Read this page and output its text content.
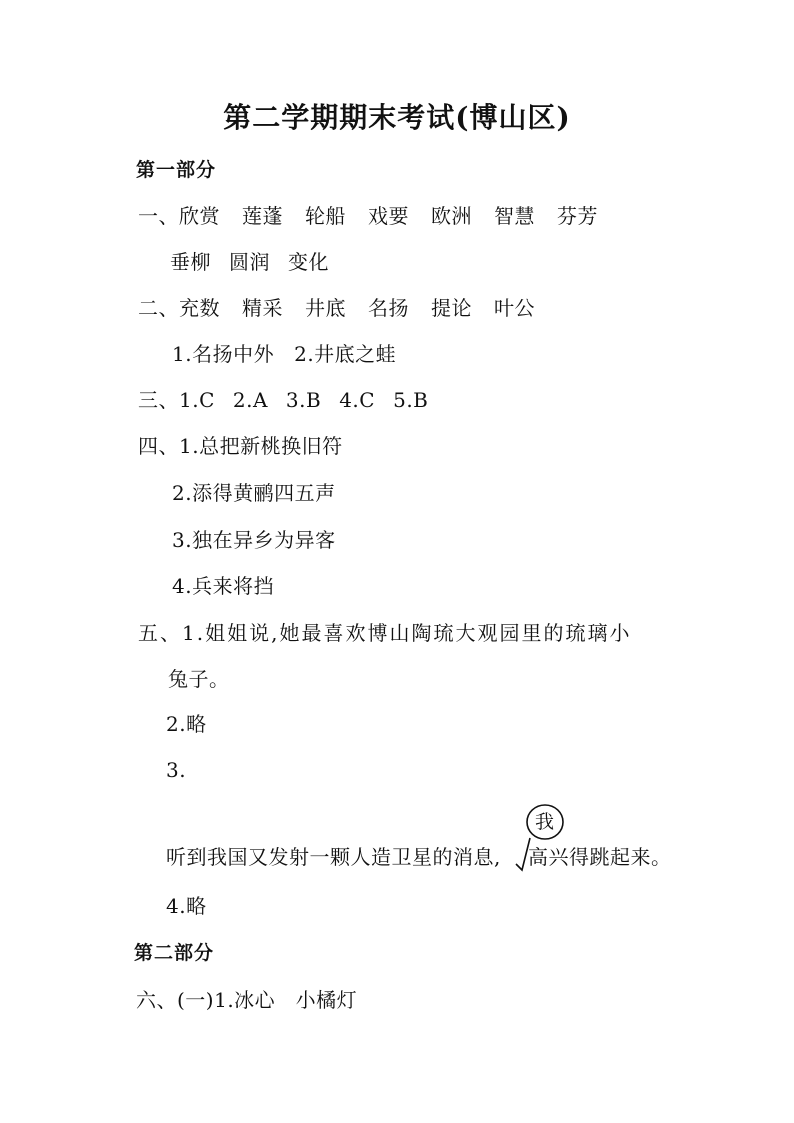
第二学期期末考试(博山区)
第一部分
一、欣赏 莲蓬 轮船 戏要 欧洲 智慧 芬芳
垂柳 圆润 变化
二、充数 精采 井底 名扬 提论 叶公
1.名扬中外 2.井底之蛙
三、1.C 2.A 3.B 4.C 5.B
四、1.总把新桃换旧符
2.添得黄鹂四五声
3.独在异乡为异客
4.兵来将挡
五、1.姐姐说,她最喜欢博山陶琉大观园里的琉璃小
兔子。
2.略
3.
听到我国又发射一颗人造卫星的消息, 高兴得跳起来。
我
4.略
第二部分
六、(一)1.冰心　小橘灯
